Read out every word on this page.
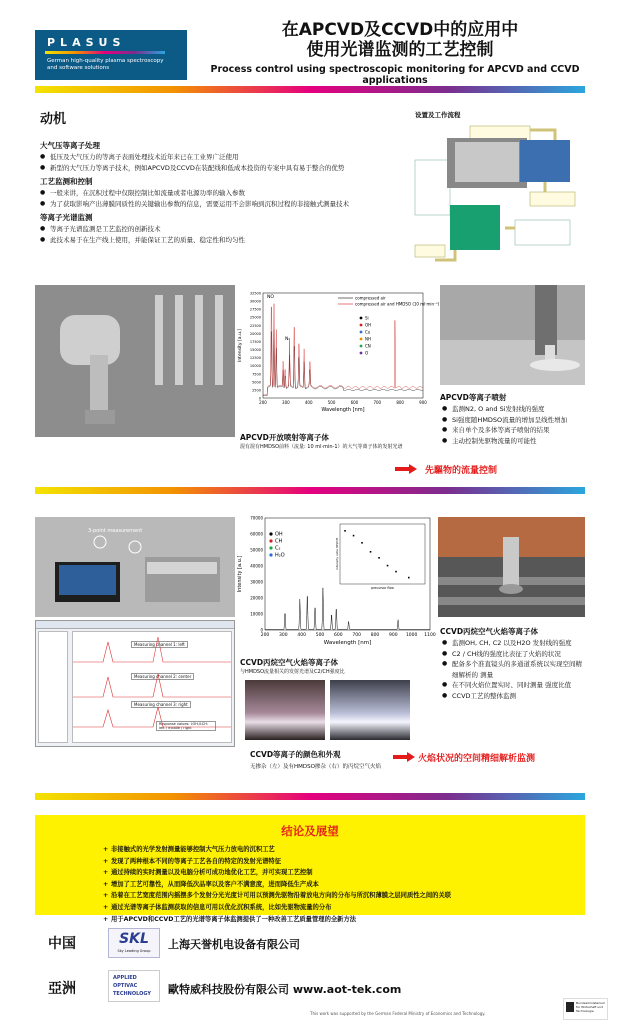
PLASUS
German high-quality plasma spectroscopy
and software solutions
在APCVD及CCVD中的应用中
使用光谱监测的工艺控制
Process control using spectroscopic monitoring for APCVD and CCVD applications
动机
大气压等离子处理
● 低压及大气压力的等离子表面处理技术近年来已在工业界广泛使用
● 新型的大气压力等离子技术，例如APCVD及CCVD在装配线和低成本投资的专案中具有易于整合的优势
工艺监测和控制
● 一般来讲，在沉积过程中仅限控制比如流量或者电源功率的输入参数
● 为了获取影响产出薄膜同质性的关键输出参数的信息，需要运用不会影响到沉积过程的非接触式测量技术
等离子光谱监测
● 等离子光谱监测是工艺监控的创新技术
● 此技术易于在生产线上使用，并能保证工艺的质量、稳定性和均匀性
设置及工作流程
0
2500
5000
7500
10000
12500
15000
17500
20000
22500
25000
27500
30000
32500
200	300	400	500	600	700	800	900
Wavelength [nm]
Intensity [a.u.]
compressed air
compressed air and HMDSO (10 ml·min⁻¹)
Si
OH
Cu
NH
CN
O
NO
N₂
APCVD开放喷射等离子体
混有混有HMDSO前料（流量: 10 ml·min-1）的大气等离子体的发射光谱
APCVD等离子喷射
● 监测N2, O and Si发射线的强度
● Si强度随HMDSO流量的增加呈线性增加
● 来自单个及多体等离子喷射的结果
● 主动控制先驱物流量的可能性
先驅物的流量控制
3-point measurement
Measuring channel 1: left
Measuring channel 2: center
Measuring channel 3: right
Response values: I₍OH₎/I₍CH₎ left / middle / right
0
10000
20000
30000
40000
50000
60000
70000
200 300 400 500 600 700 800 900 1000 1100
Wavelength [nm]
Intensity [a.u.]
OH
CH
C₂
H₂O
precursor flow
intensity ratio OH/CH
CCVD丙烷空气火焰等离子体
与HMDSO流量相关的发射光谱及C2/CH强度比
CCVD等离子的颜色和外观
无掺杂（左）及有HMDSO掺杂（右）的丙烷空气火焰
CCVD丙烷空气火焰等离子体
● 监测OH, CH, C2 以及H2O 发射线的强度
● C2 / CH线的强度比表征了火焰的状况
● 配备多个准直镜头的多通道系统以实现空间精细解析的 测量
● 在不同火焰位置实时、同时测量 强度比值
● CCVD工艺的整体监测
火焰状况的空间精细解析监测
结论及展望
+ 非接触式的光学发射测量能够控制大气压力放电的沉积工艺
+ 发现了两种根本不同的等离子工艺各自的特定的发射光谱特征
+ 通过持续的实时测量以及电脑分析可成功地优化工艺，并可实现工艺控制
+ 增加了工艺可靠性，从而降低次品率以及客户不满意度，进而降低生产成本
+ 沿着在工艺宽度范围内摇摆多个发射分光光度计可用以预测先驱物沿着放电方向的分布与所沉积薄膜之层同质性之间的关联
+ 通过光谱等离子体监测获取的信息可用以优化沉积系统，比如先驱物流量的分布
+ 用于APCVD和CCVD工艺的光谱等离子体监测提供了一种改善工艺质量管理的全新方法
中国	SKL
Sky Leading Group	上海天誉机电设备有限公司
亞洲
APPLIED
OPTIVAC
TECHNOLOGY	歐特威科技股份有限公司 www.aot-tek.com
This work was supported by the German Federal Ministry of Economics and Technology.
Bundesministerium für Wirtschaft und Technologie
